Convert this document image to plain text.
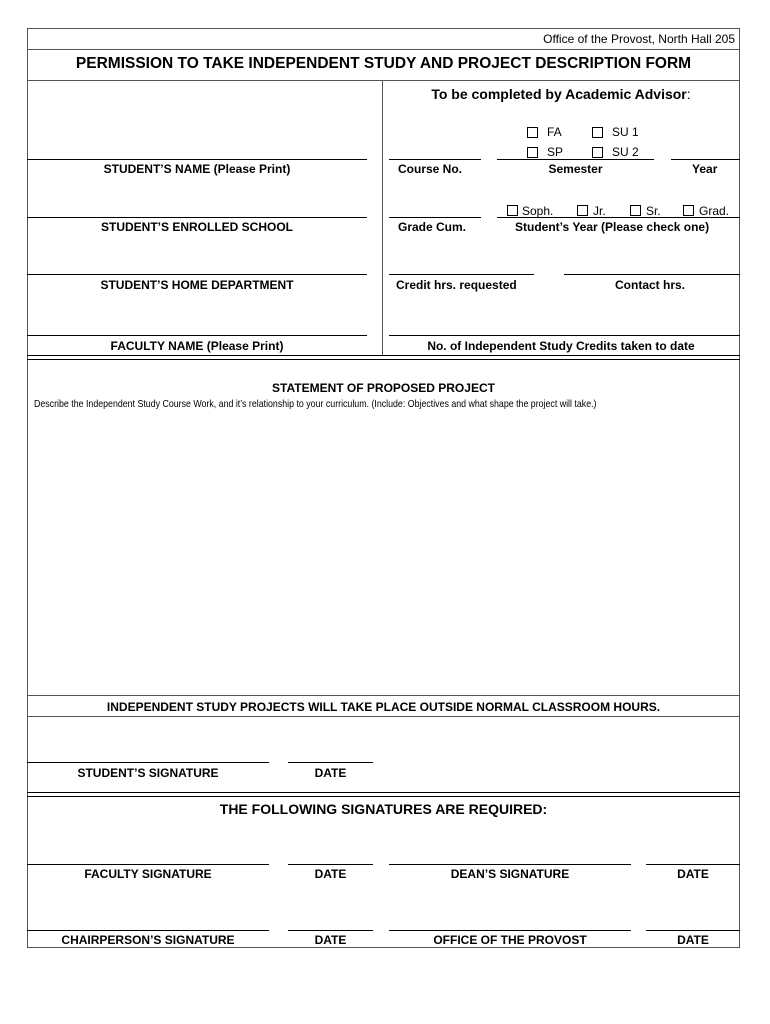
Office of the Provost, North Hall 205
PERMISSION TO TAKE INDEPENDENT STUDY AND PROJECT DESCRIPTION FORM
To be completed by Academic Advisor:
FA	SU 1
SP	SU 2
STUDENT’S NAME (Please Print)	Course No.	Semester	Year
Soph.	Jr.	Sr.	Grad.
STUDENT’S ENROLLED SCHOOL	Grade Cum.	Student’s Year (Please check one)
STUDENT’S HOME DEPARTMENT	Credit hrs. requested	Contact hrs.
FACULTY NAME (Please Print)	No. of Independent Study Credits taken to date
STATEMENT OF PROPOSED PROJECT
Describe the Independent Study Course Work, and it’s relationship to your curriculum. (Include: Objectives and what shape the project will take.)
INDEPENDENT STUDY PROJECTS WILL TAKE PLACE OUTSIDE NORMAL CLASSROOM HOURS.
STUDENT’S SIGNATURE	DATE
THE FOLLOWING SIGNATURES ARE REQUIRED:
FACULTY SIGNATURE	DATE	DEAN’S SIGNATURE	DATE
CHAIRPERSON’S SIGNATURE	DATE	OFFICE OF THE PROVOST	DATE
